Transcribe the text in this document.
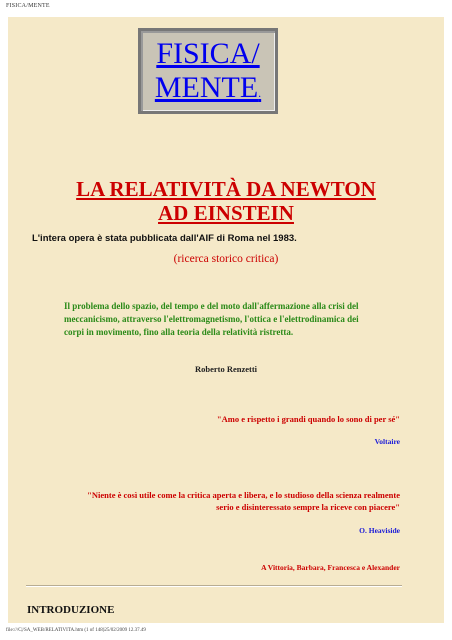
FISICA/MENTE
FISICA/
MENTE.
LA RELATIVITÀ DA NEWTON
AD EINSTEIN
L'intera opera è stata pubblicata dall'AIF di Roma nel 1983.
(ricerca storico critica)
Il problema dello spazio, del tempo e del moto dall'affermazione alla crisi del meccanicismo, attraverso l'elettromagnetismo, l'ottica e l'elettrodinamica dei corpi in movimento, fino alla teoria della relatività ristretta.
Roberto Renzetti
"Amo e rispetto i grandi quando lo sono di per sé"
Voltaire
"Niente è così utile come la critica aperta e libera, e lo studioso della scienza realmente serio e disinteressato sempre la riceve con piacere"
O. Heaviside
A Vittoria, Barbara, Francesca e Alexander
INTRODUZIONE
file:///C|/SA_WEB/RELATIVITA.htm (1 of 148)25/02/2009 12.37.49
